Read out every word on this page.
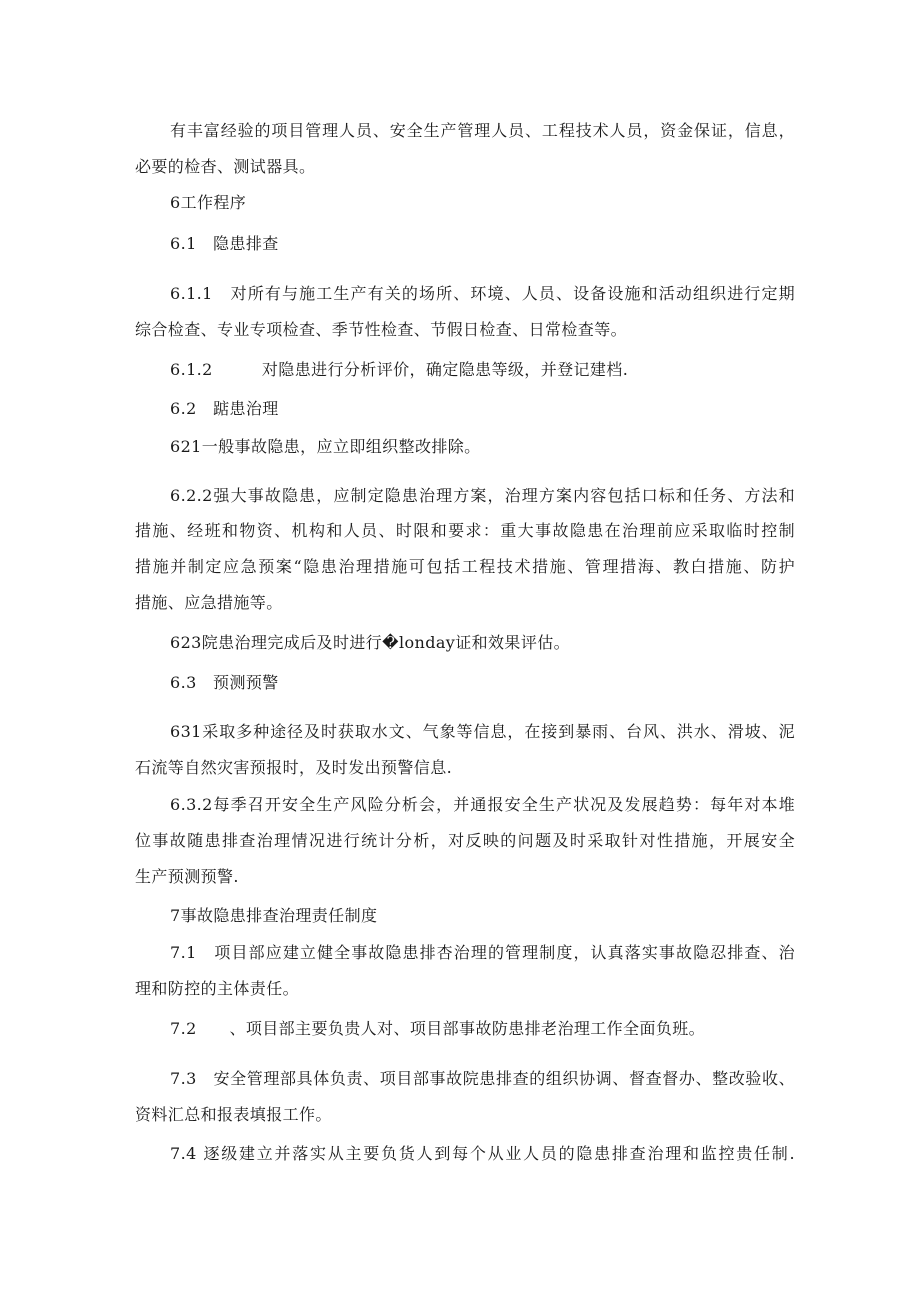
有丰富经验的项目管理人员、安全生产管理人员、工程技术人员，资金保证，信息，
必要的检杳、测试器具。
6工作程序
6.1　隐患排查
6.1.1　对所有与施工生产有关的场所、环境、人员、设备设施和活动组织进行定期
综合检查、专业专项检查、季节性检查、节假日检查、日常检查等。
6.1.2　　　对隐患进行分析评价，确定隐患等级，并登记建档.
6.2　踮患治理
621一般事故隐患，应立即组织整改排除。
6.2.2强大事故隐患，应制定隐患治理方案，治理方案内容包括口标和任务、方法和
措施、经班和物资、机构和人员、时限和要求：重大事故隐患在治理前应采取临时控制
措施并制定应急预案“隐患治理措施可包括工程技术措施、管理措海、教白措施、防护
措施、应急措施等。
623院患治理完成后及时进行�londay证和效果评估。
6.3　预测预警
631采取多种途径及时获取水文、气象等信息，在接到暴雨、台风、洪水、滑坡、泥
石流等自然灾害预报时，及时发出预警信息.
6.3.2每季召开安全生产风险分析会，并通报安全生产状况及发展趋势：每年对本堆
位事故随患排查治理情况进行统计分析，对反映的问题及时采取针对性措施，开展安全
生产预测预警.
7事故隐患排查治理责任制度
7.1　项目部应建立健全事故隐患排杏治理的管理制度，认真落实事故隐忍排查、治
理和防控的主体责任。
7.2　　、项目部主要负贵人对、项目部事故防患排老治理工作全面负班。
7.3　安全管理部具体负责、项目部事故院患排查的组织协调、督查督办、整改验收、
资料汇总和报表填报工作。
7.4 逐级建立并落实从主要负货人到每个从业人员的隐患排查治理和监控贵任制.
